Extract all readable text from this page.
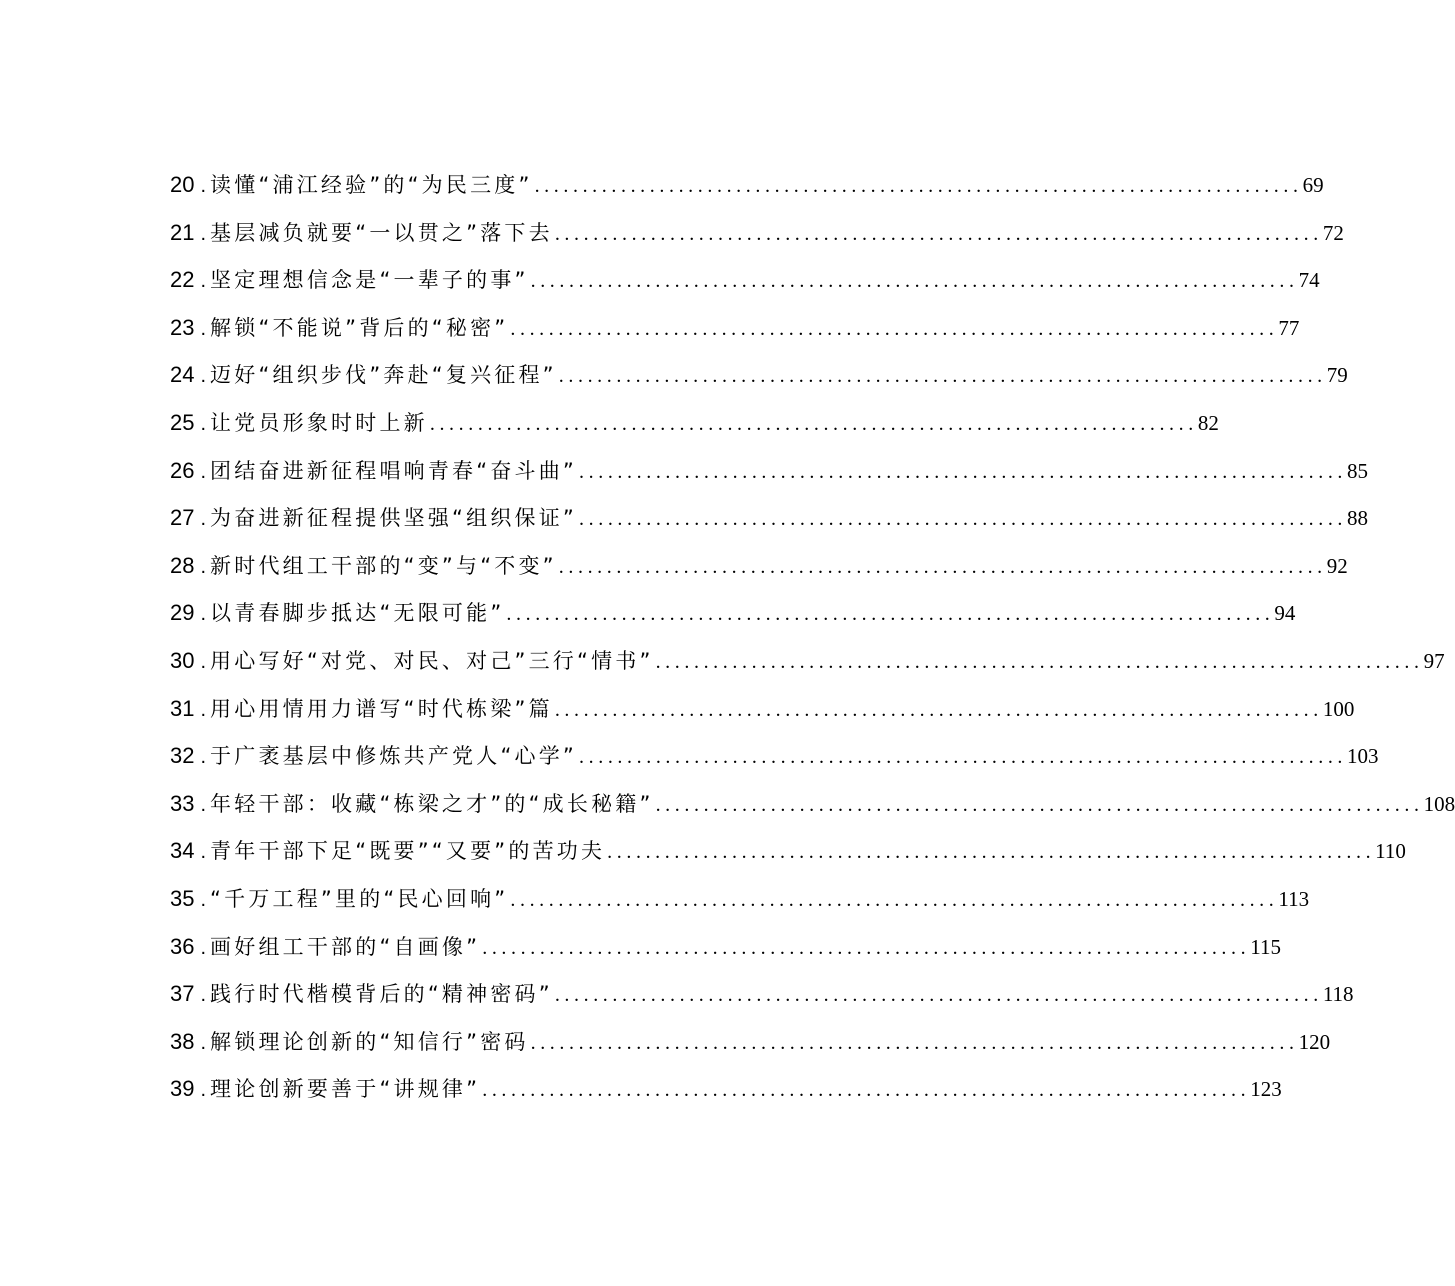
20 . 读懂“浦江经验”的“为民三度” ................................................................................ 69
21 . 基层减负就要“一以贯之”落下去 ................................................................................ 72
22 . 坚定理想信念是“一辈子的事” ................................................................................ 74
23 . 解锁“不能说”背后的“秘密” ................................................................................ 77
24 . 迈好“组织步伐”奔赴“复兴征程” ................................................................................ 79
25 . 让党员形象时时上新 ................................................................................ 82
26 . 团结奋进新征程唱响青春“奋斗曲” ................................................................................ 85
27 . 为奋进新征程提供坚强“组织保证” ................................................................................ 88
28 . 新时代组工干部的“变”与“不变” ................................................................................ 92
29 . 以青春脚步抵达“无限可能” ................................................................................ 94
30 . 用心写好“对党、对民、对己”三行“情书” ................................................................................ 97
31 . 用心用情用力谱写“时代栋梁”篇 ................................................................................ 100
32 . 于广袤基层中修炼共产党人“心学” ................................................................................ 103
33 . 年轻干部：收藏“栋梁之才”的“成长秘籍” ................................................................................ 108
34 . 青年干部下足“既要”“又要”的苦功夫 ................................................................................ 110
35 . “千万工程”里的“民心回响” ................................................................................ 113
36 . 画好组工干部的“自画像” ................................................................................ 115
37 . 践行时代楷模背后的“精神密码” ................................................................................ 118
38 . 解锁理论创新的“知信行”密码 ................................................................................ 120
39 . 理论创新要善于“讲规律” ................................................................................ 123
